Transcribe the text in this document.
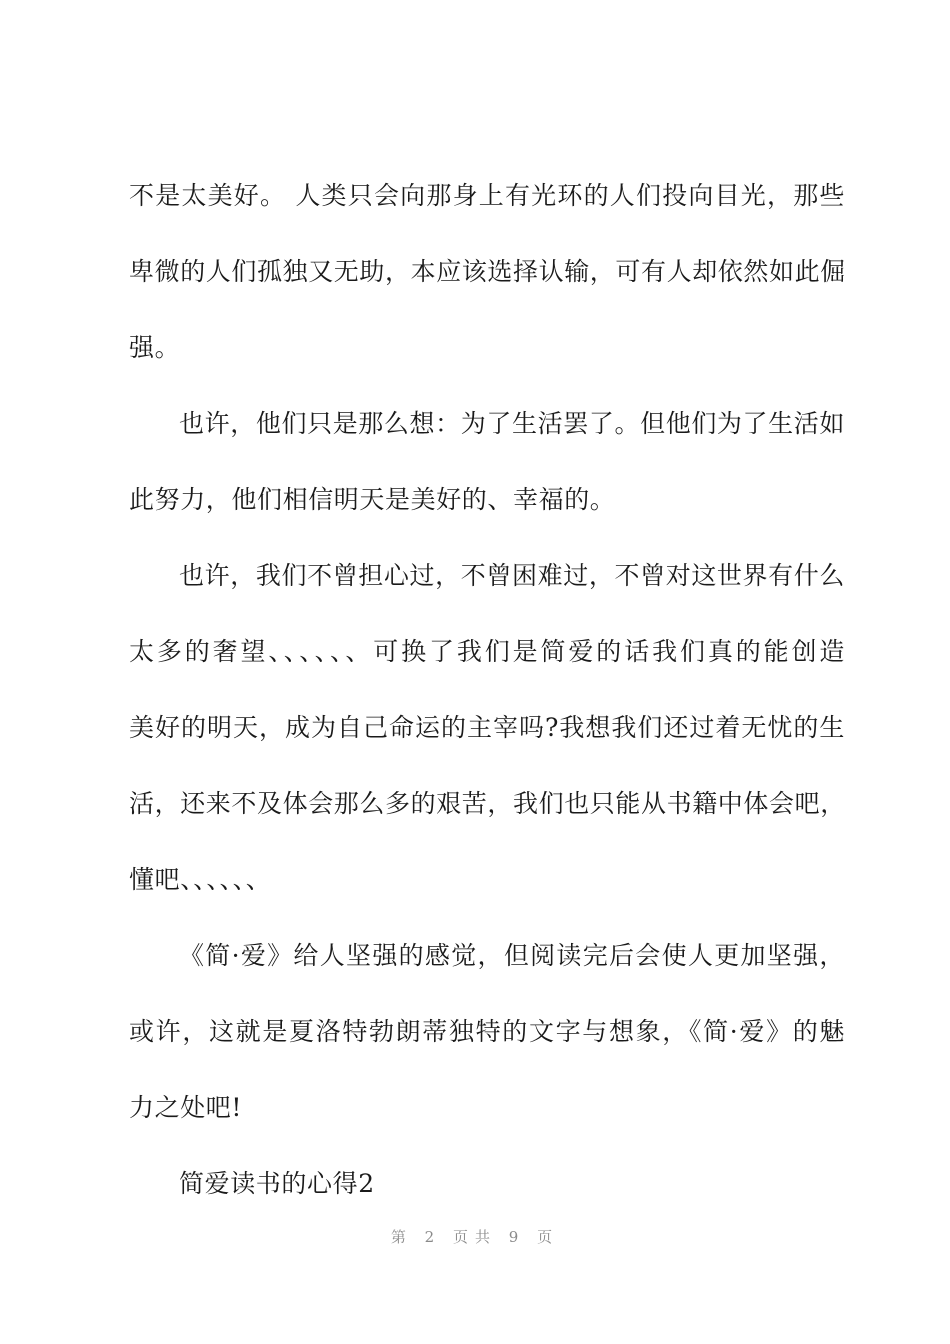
不是太美好。 人类只会向那身上有光环的人们投向目光，那些
卑微的人们孤独又无助，本应该选择认输，可有人却依然如此倔
强。
也许，他们只是那么想：为了生活罢了。但他们为了生活如
此努力，他们相信明天是美好的、幸福的。
也许，我们不曾担心过，不曾困难过，不曾对这世界有什么
太多的奢望、、、、、、可换了我们是简爱的话我们真的能创造
美好的明天，成为自己命运的主宰吗?我想我们还过着无忧的生
活，还来不及体会那么多的艰苦，我们也只能从书籍中体会吧，
懂吧、、、、、、
《简·爱》给人坚强的感觉，但阅读完后会使人更加坚强，
或许，这就是夏洛特勃朗蒂独特的文字与想象，《简·爱》的魅
力之处吧!
简爱读书的心得2
第 2 页共 9 页
